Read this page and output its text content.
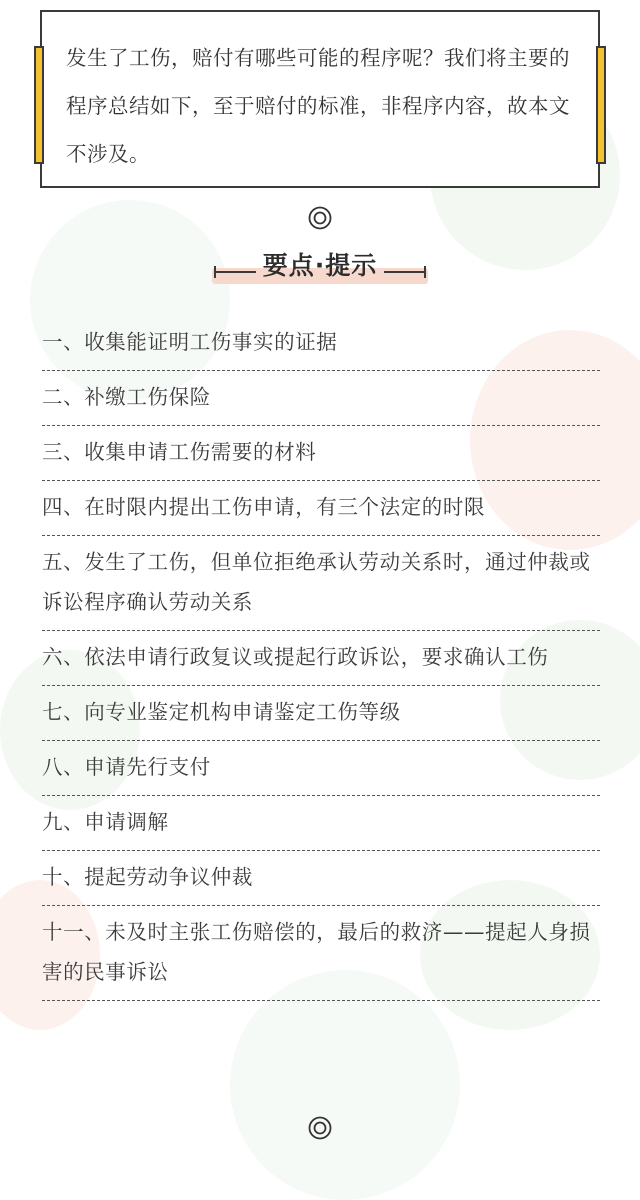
发生了工伤，赔付有哪些可能的程序呢？我们将主要的程序总结如下，至于赔付的标准，非程序内容，故本文不涉及。
要点·提示
一、收集能证明工伤事实的证据
二、补缴工伤保险
三、收集申请工伤需要的材料
四、在时限内提出工伤申请，有三个法定的时限
五、发生了工伤，但单位拒绝承认劳动关系时，通过仲裁或诉讼程序确认劳动关系
六、依法申请行政复议或提起行政诉讼，要求确认工伤
七、向专业鉴定机构申请鉴定工伤等级
八、申请先行支付
九、申请调解
十、提起劳动争议仲裁
十一、未及时主张工伤赔偿的，最后的救济——提起人身损害的民事诉讼
